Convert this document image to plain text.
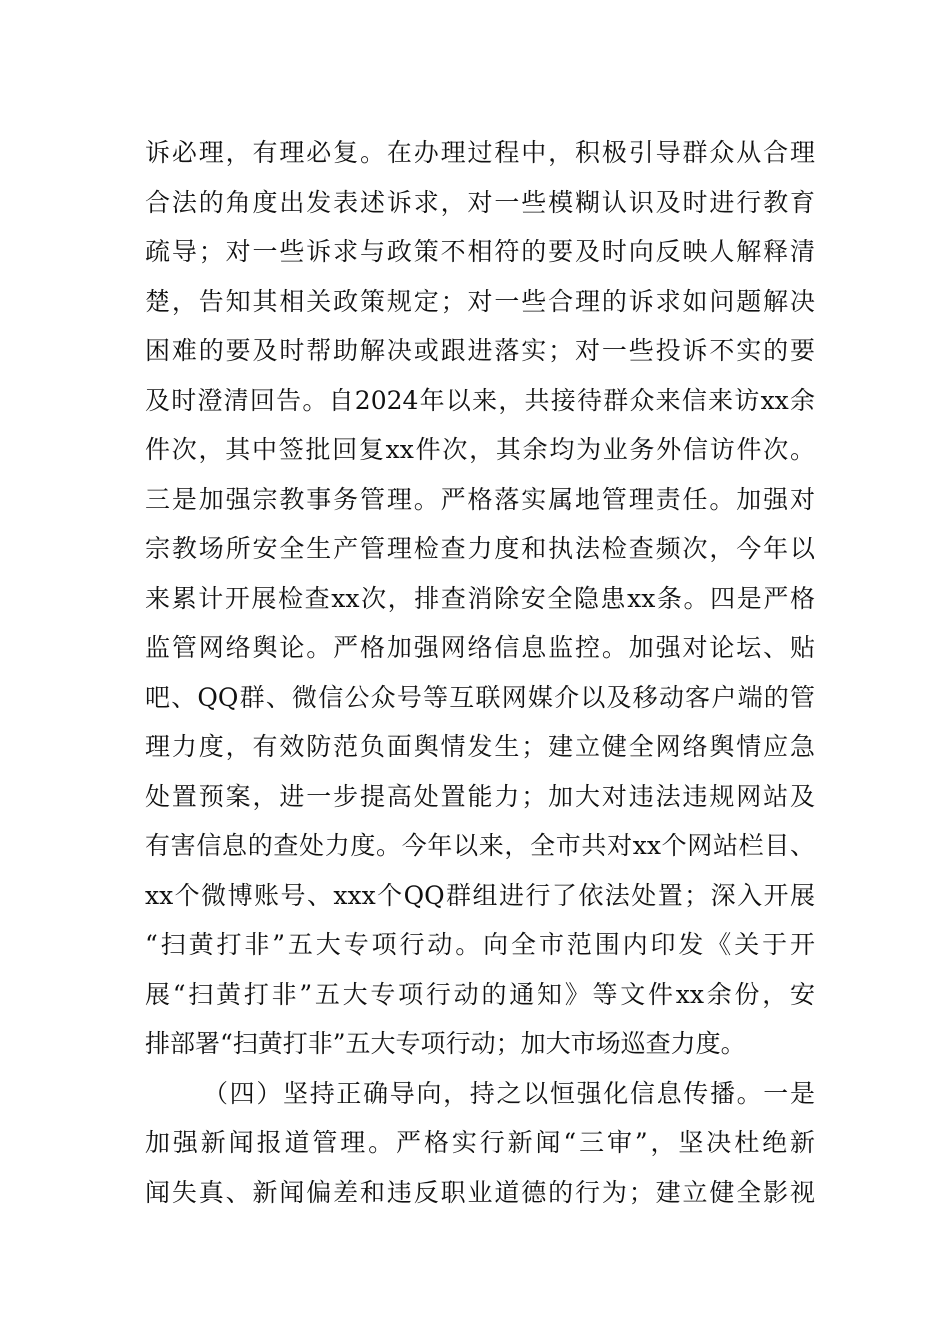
诉必理，有理必复。在办理过程中，积极引导群众从合理
合法的角度出发表述诉求，对一些模糊认识及时进行教育
疏导；对一些诉求与政策不相符的要及时向反映人解释清
楚，告知其相关政策规定；对一些合理的诉求如问题解决
困难的要及时帮助解决或跟进落实；对一些投诉不实的要
及时澄清回告。自2024年以来，共接待群众来信来访xx余
件次，其中签批回复xx件次，其余均为业务外信访件次。
三是加强宗教事务管理。严格落实属地管理责任。加强对
宗教场所安全生产管理检查力度和执法检查频次，今年以
来累计开展检查xx次，排查消除安全隐患xx条。四是严格
监管网络舆论。严格加强网络信息监控。加强对论坛、贴
吧、QQ群、微信公众号等互联网媒介以及移动客户端的管
理力度，有效防范负面舆情发生；建立健全网络舆情应急
处置预案，进一步提高处置能力；加大对违法违规网站及
有害信息的查处力度。今年以来，全市共对xx个网站栏目、
xx个微博账号、xxx个QQ群组进行了依法处置；深入开展
“扫黄打非”五大专项行动。向全市范围内印发《关于开
展“扫黄打非”五大专项行动的通知》等文件xx余份，安
排部署“扫黄打非”五大专项行动；加大市场巡查力度。
（四）坚持正确导向，持之以恒强化信息传播。一是
加强新闻报道管理。严格实行新闻“三审”，坚决杜绝新
闻失真、新闻偏差和违反职业道德的行为；建立健全影视
